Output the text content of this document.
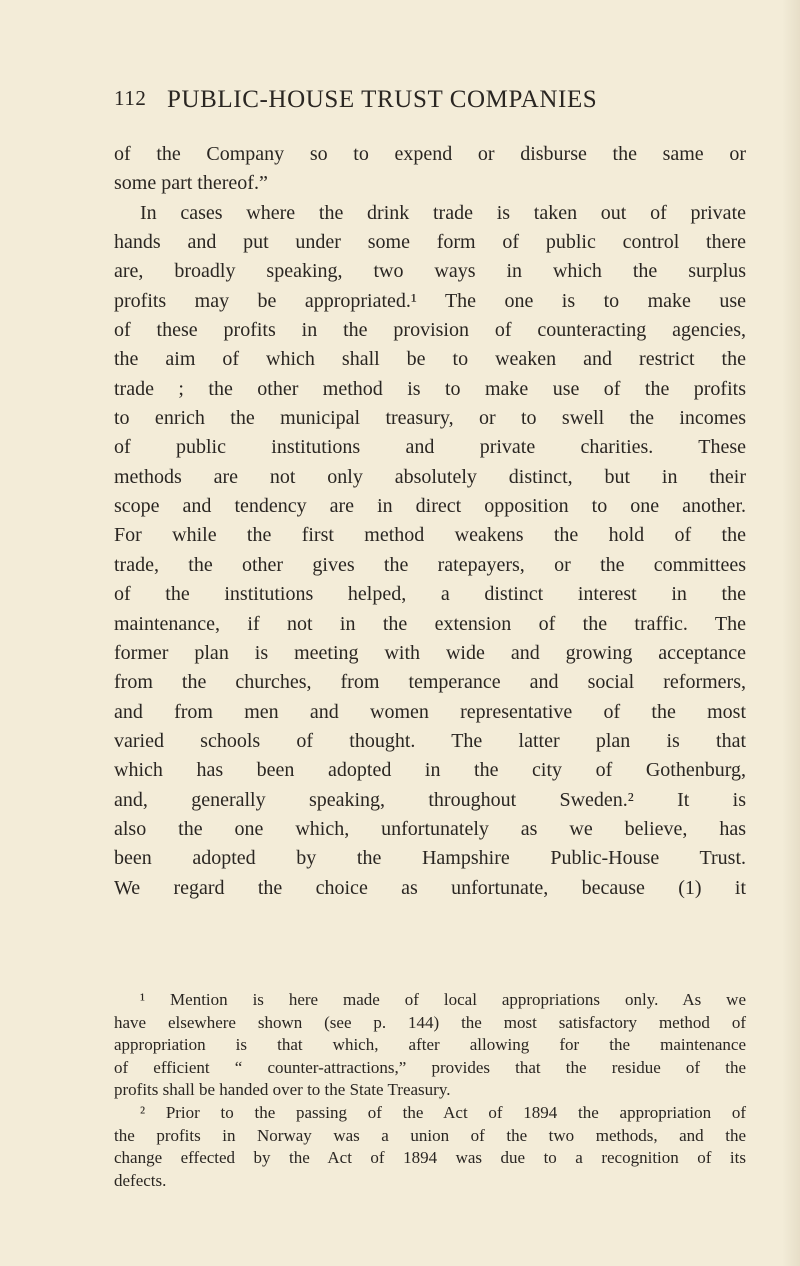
112 PUBLIC-HOUSE TRUST COMPANIES
of the Company so to expend or disburse the same or
some part thereof.”
In cases where the drink trade is taken out of private
hands and put under some form of public control there
are, broadly speaking, two ways in which the surplus
profits may be appropriated.¹ The one is to make use
of these profits in the provision of counteracting agencies,
the aim of which shall be to weaken and restrict the
trade ; the other method is to make use of the profits
to enrich the municipal treasury, or to swell the incomes
of public institutions and private charities. These
methods are not only absolutely distinct, but in their
scope and tendency are in direct opposition to one another.
For while the first method weakens the hold of the
trade, the other gives the ratepayers, or the committees
of the institutions helped, a distinct interest in the
maintenance, if not in the extension of the traffic. The
former plan is meeting with wide and growing acceptance
from the churches, from temperance and social reformers,
and from men and women representative of the most
varied schools of thought. The latter plan is that
which has been adopted in the city of Gothenburg,
and, generally speaking, throughout Sweden.² It is
also the one which, unfortunately as we believe, has
been adopted by the Hampshire Public-House Trust.
We regard the choice as unfortunate, because (1) it
¹ Mention is here made of local appropriations only. As we
have elsewhere shown (see p. 144) the most satisfactory method of
appropriation is that which, after allowing for the maintenance
of efficient “ counter-attractions,” provides that the residue of the
profits shall be handed over to the State Treasury.
² Prior to the passing of the Act of 1894 the appropriation of
the profits in Norway was a union of the two methods, and the
change effected by the Act of 1894 was due to a recognition of its
defects.
